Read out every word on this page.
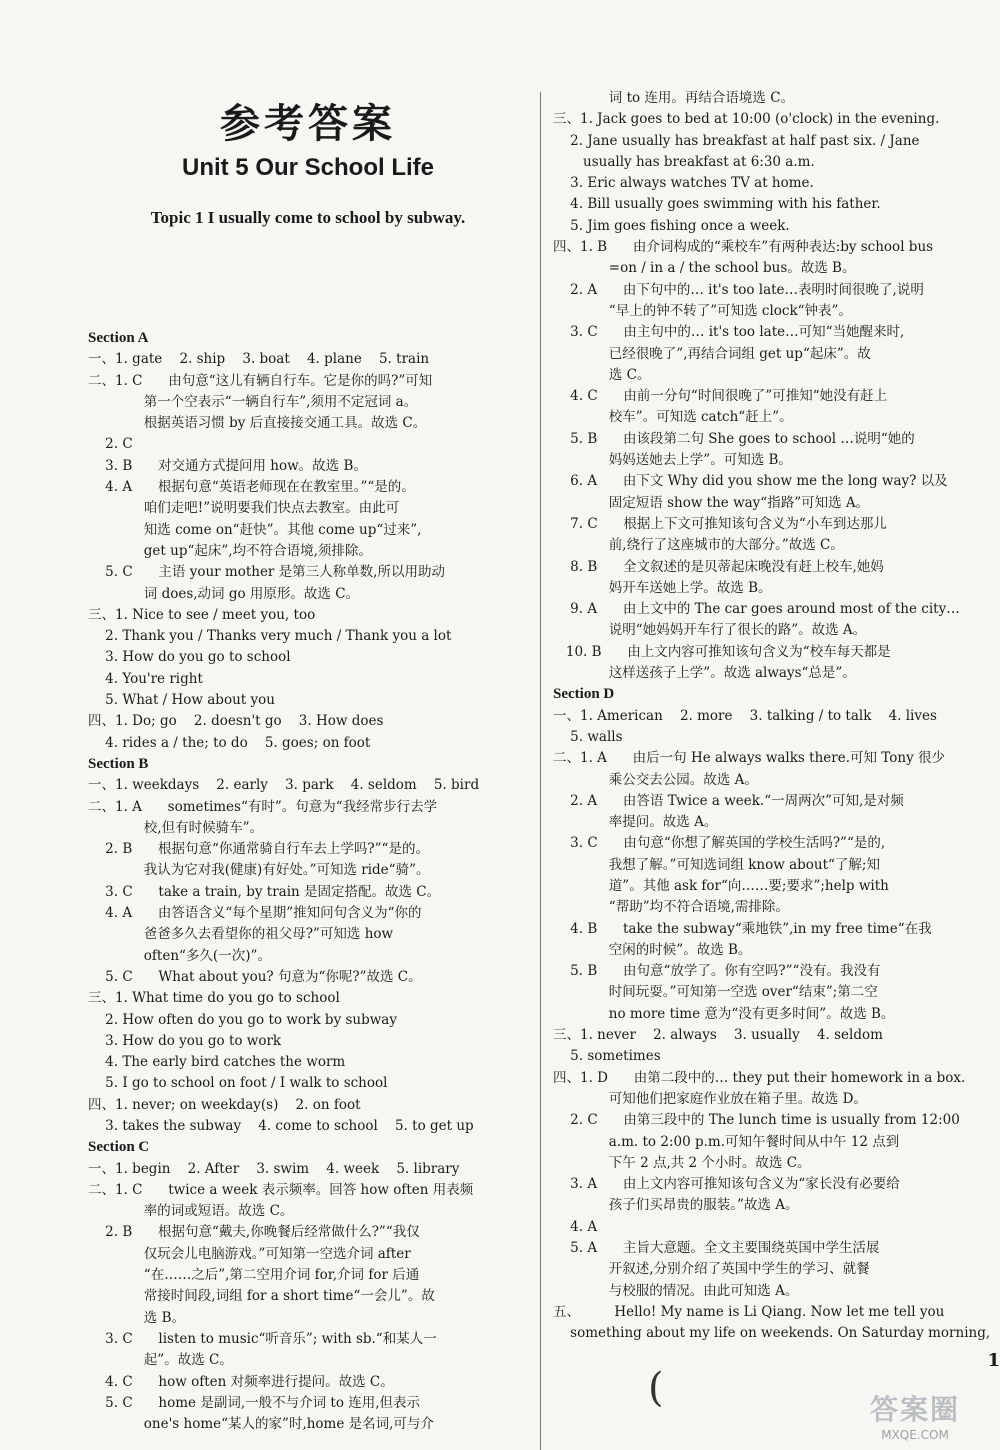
参考答案
Unit 5 Our School Life
Topic 1 I usually come to school by subway.
Section A
一、1. gate    2. ship    3. boat    4. plane    5. train
二、1. C      由句意“这儿有辆自行车。它是你的吗?”可知
第一个空表示“一辆自行车”,须用不定冠词 a。
根据英语习惯 by 后直接接交通工具。故选 C。
2. C
3. B      对交通方式提问用 how。故选 B。
4. A      根据句意“英语老师现在在教室里。”“是的。
咱们走吧!”说明要我们快点去教室。由此可
知选 come on“赶快”。其他 come up“过来”,
get up“起床”,均不符合语境,须排除。
5. C      主语 your mother 是第三人称单数,所以用助动
词 does,动词 go 用原形。故选 C。
三、1. Nice to see / meet you, too
2. Thank you / Thanks very much / Thank you a lot
3. How do you go to school
4. You're right
5. What / How about you
四、1. Do; go    2. doesn't go    3. How does
4. rides a / the; to do    5. goes; on foot
Section B
一、1. weekdays    2. early    3. park    4. seldom    5. bird
二、1. A      sometimes“有时”。句意为“我经常步行去学
校,但有时候骑车”。
2. B      根据句意“你通常骑自行车去上学吗?”“是的。
我认为它对我(健康)有好处。”可知选 ride“骑”。
3. C      take a train, by train 是固定搭配。故选 C。
4. A      由答语含义“每个星期”推知问句含义为“你的
爸爸多久去看望你的祖父母?”可知选 how
often“多久(一次)”。
5. C      What about you? 句意为“你呢?”故选 C。
三、1. What time do you go to school
2. How often do you go to work by subway
3. How do you go to work
4. The early bird catches the worm
5. I go to school on foot / I walk to school
四、1. never; on weekday(s)    2. on foot
3. takes the subway    4. come to school    5. to get up
Section C
一、1. begin    2. After    3. swim    4. week    5. library
二、1. C      twice a week 表示频率。回答 how often 用表频
率的词或短语。故选 C。
2. B      根据句意“戴夫,你晚餐后经常做什么?”“我仅
仅玩会儿电脑游戏。”可知第一空选介词 after
“在……之后”,第二空用介词 for,介词 for 后通
常接时间段,词组 for a short time“一会儿”。故
选 B。
3. C      listen to music“听音乐”; with sb.“和某人一
起”。故选 C。
4. C      how often 对频率进行提问。故选 C。
5. C      home 是副词,一般不与介词 to 连用,但表示
one's home“某人的家”时,home 是名词,可与介
词 to 连用。再结合语境选 C。
三、1. Jack goes to bed at 10:00 (o'clock) in the evening.
2. Jane usually has breakfast at half past six. / Jane
usually has breakfast at 6:30 a.m.
3. Eric always watches TV at home.
4. Bill usually goes swimming with his father.
5. Jim goes fishing once a week.
四、1. B      由介词构成的“乘校车”有两种表达:by school bus
=on / in a / the school bus。故选 B。
2. A      由下句中的… it's too late…表明时间很晚了,说明
“早上的钟不转了”可知选 clock“钟表”。
3. C      由主句中的… it's too late…可知“当她醒来时,
已经很晚了”,再结合词组 get up“起床”。故
选 C。
4. C      由前一分句“时间很晚了”可推知“她没有赶上
校车”。可知选 catch“赶上”。
5. B      由该段第二句 She goes to school …说明“她的
妈妈送她去上学”。可知选 B。
6. A      由下文 Why did you show me the long way? 以及
固定短语 show the way“指路”可知选 A。
7. C      根据上下文可推知该句含义为“小车到达那儿
前,绕行了这座城市的大部分。”故选 C。
8. B      全文叙述的是贝蒂起床晚没有赶上校车,她妈
妈开车送她上学。故选 B。
9. A      由上文中的 The car goes around most of the city…
说明“她妈妈开车行了很长的路”。故选 A。
10. B      由上文内容可推知该句含义为“校车每天都是
这样送孩子上学”。故选 always“总是”。
Section D
一、1. American    2. more    3. talking / to talk    4. lives
5. walls
二、1. A      由后一句 He always walks there.可知 Tony 很少
乘公交去公园。故选 A。
2. A      由答语 Twice a week.“一周两次”可知,是对频
率提问。故选 A。
3. C      由句意“你想了解英国的学校生活吗?”“是的,
我想了解。”可知选词组 know about“了解;知
道”。其他 ask for“向……要;要求”;help with
“帮助”均不符合语境,需排除。
4. B      take the subway“乘地铁”,in my free time“在我
空闲的时候”。故选 B。
5. B      由句意“放学了。你有空吗?”“没有。我没有
时间玩耍。”可知第一空选 over“结束”;第二空
no more time 意为“没有更多时间”。故选 B。
三、1. never    2. always    3. usually    4. seldom
5. sometimes
四、1. D      由第二段中的… they put their homework in a box.
可知他们把家庭作业放在箱子里。故选 D。
2. C      由第三段中的 The lunch time is usually from 12:00
a.m. to 2:00 p.m.可知午餐时间从中午 12 点到
下午 2 点,共 2 个小时。故选 C。
3. A      由上文内容可推知该句含义为“家长没有必要给
孩子们买昂贵的服装。”故选 A。
4. A
5. A      主旨大意题。全文主要围绕英国中学生活展
开叙述,分别介绍了英国中学生的学习、就餐
与校服的情况。由此可知选 A。
五、        Hello! My name is Li Qiang. Now let me tell you
something about my life on weekends. On Saturday morning,
1
(	答案圈
MXQE.COM
